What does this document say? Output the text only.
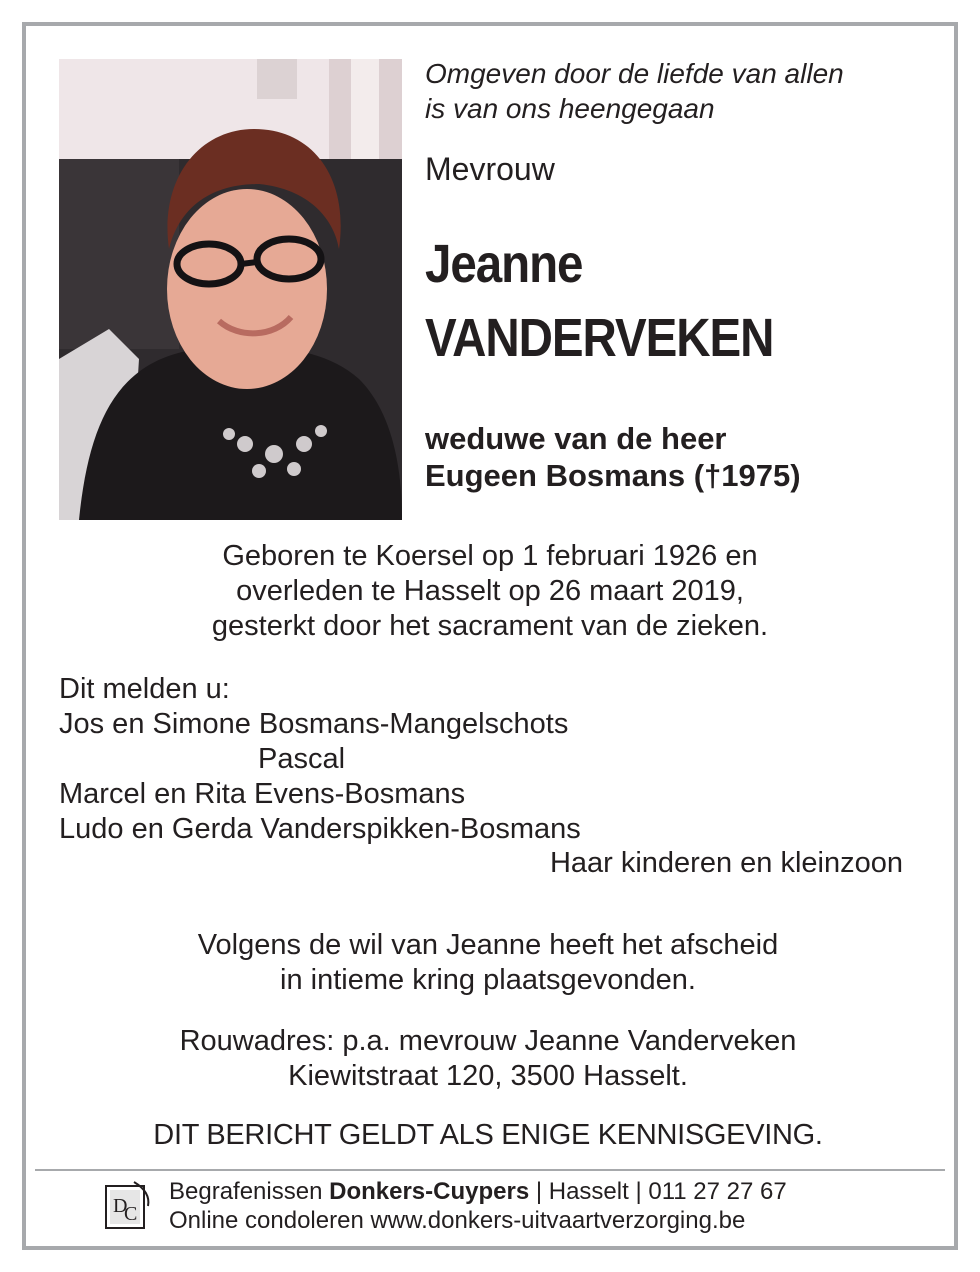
Omgeven door de liefde van allen
is van ons heengegaan
Mevrouw
Jeanne
VANDERVEKEN
weduwe van de heer
Eugeen Bosmans (†1975)
Geboren te Koersel op 1 februari 1926 en
overleden te Hasselt op 26 maart 2019,
gesterkt door het sacrament van de zieken.
Dit melden u:
Jos en Simone Bosmans-Mangelschots
Pascal
Marcel en Rita Evens-Bosmans
Ludo en Gerda Vanderspikken-Bosmans
Haar kinderen en kleinzoon
Volgens de wil van Jeanne heeft het afscheid
in intieme kring plaatsgevonden.
Rouwadres: p.a. mevrouw Jeanne Vanderveken
Kiewitstraat 120, 3500 Hasselt.
DIT BERICHT GELDT ALS ENIGE KENNISGEVING.
D
C
Begrafenissen Donkers-Cuypers | Hasselt | 011 27 27 67
Online condoleren www.donkers-uitvaartverzorging.be
